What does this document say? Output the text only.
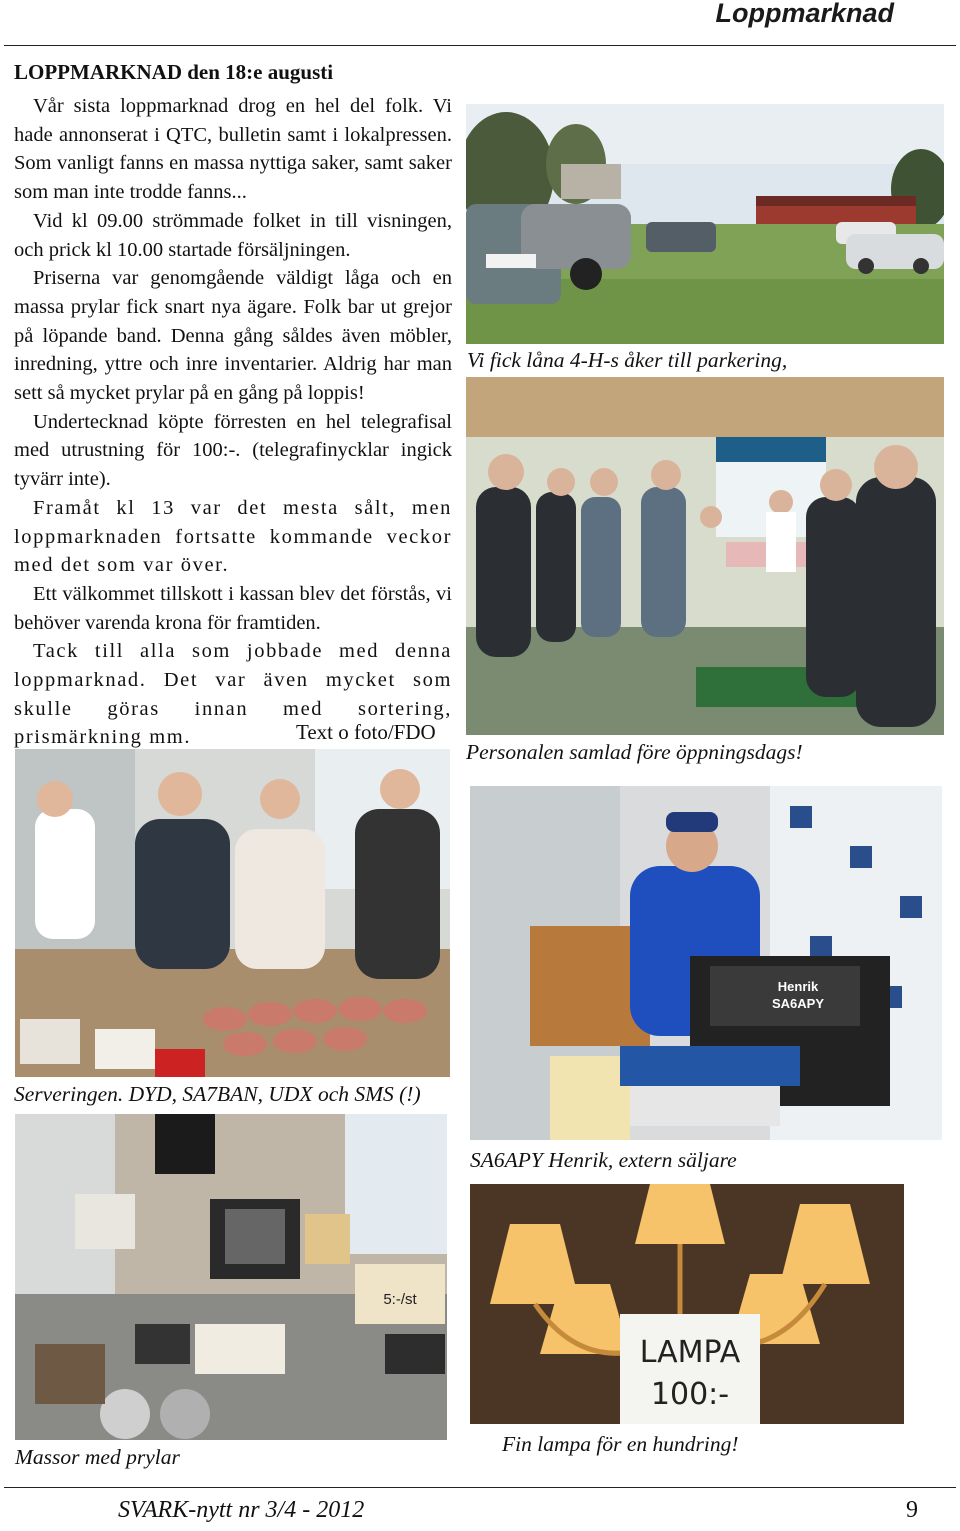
Loppmarknad
LOPPMARKNAD den 18:e augusti

Vår sista loppmarknad drog en hel del folk. Vi hade annonserat i QTC, bulletin samt i lokalpressen. Som vanligt fanns en massa nyttiga saker, samt saker som man inte trodde fanns...

Vid kl 09.00 strömmade folket in till visningen, och prick kl 10.00 startade försäljningen.

Priserna var genomgående väldigt låga och en massa prylar fick snart nya ägare. Folk bar ut grejor på löpande band. Denna gång såldes även möbler, inredning, yttre och inre inventarier. Aldrig har man sett så mycket prylar på en gång på loppis!

Undertecknad köpte förresten en hel telegrafisal med utrustning för 100:-. (telegrafinycklar ingick tyvärr inte).

Framåt kl 13 var det mesta sålt, men loppmarknaden fortsatte kommande veckor med det som var över.

Ett välkommet tillskott i kassan blev det förstås, vi behöver varenda krona för framtiden.

Tack till alla som jobbade med denna loppmarknad. Det var även mycket som skulle göras innan med sortering, prismärkning mm.	Text o foto/FDO
Vi fick låna 4-H-s åker till parkering,
Personalen samlad före öppningsdags!
Serveringen. DYD, SA7BAN, UDX och SMS (!)
Henrik
SA6APY
SA6APY Henrik, extern säljare
5:-/st
Massor med prylar
LAMPA
100:-
Fin lampa för en hundring!
SVARK-nytt nr 3/4 - 2012	9
